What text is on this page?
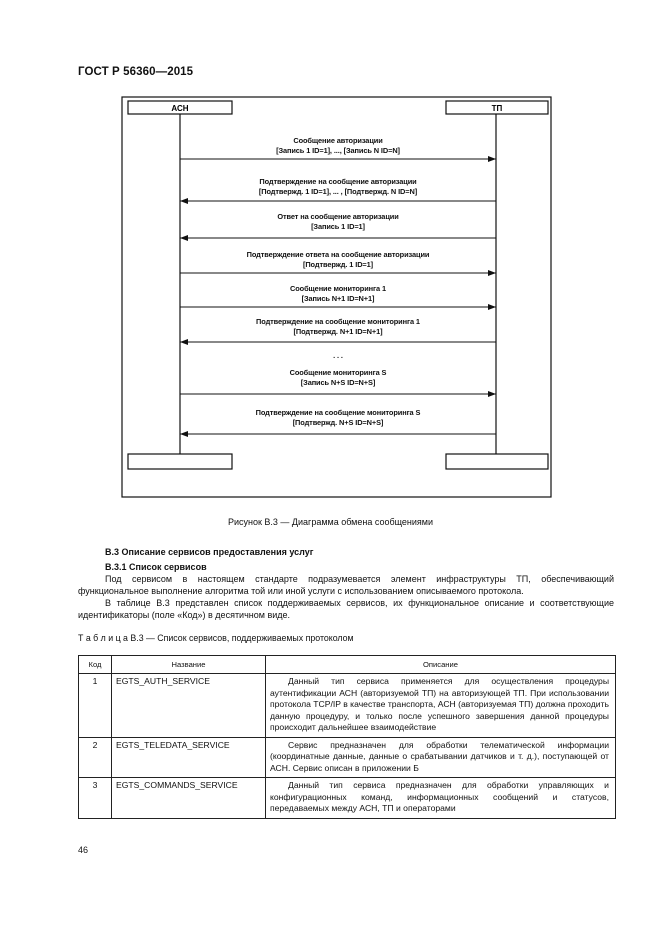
ГОСТ Р 56360—2015
АСН	ТП
Сообщение авторизации
[Запись 1 ID=1], ..., [Запись N ID=N]
Подтверждение на сообщение авторизации
[Подтвержд. 1 ID=1], ... , [Подтвержд. N ID=N]
Ответ на сообщение авторизации
[Запись 1 ID=1]
Подтверждение ответа на сообщение авторизации
[Подтвержд. 1 ID=1]
Сообщение мониторинга 1
[Запись N+1 ID=N+1]
Подтверждение на сообщение мониторинга 1
[Подтвержд. N+1 ID=N+1]
. . .
Сообщение мониторинга S
[Запись N+S ID=N+S]
Подтверждение на сообщение мониторинга S
[Подтвержд. N+S ID=N+S]
Рисунок В.3 — Диаграмма обмена сообщениями
В.3 Описание сервисов предоставления услуг
В.3.1 Список сервисов
Под сервисом в настоящем стандарте подразумевается элемент инфраструктуры ТП, обеспечивающий функциональное выполнение алгоритма той или иной услуги с использованием описываемого протокола.
В таблице В.3 представлен список поддерживаемых сервисов, их функциональное описание и соответствующие идентификаторы (поле «Код») в десятичном виде.
Т а б л и ц а В.3 — Список сервисов, поддерживаемых протоколом
Код	Название	Описание
1	EGTS_AUTH_SERVICE	Данный тип сервиса применяется для осуществления процедуры аутентификации АСН (авторизуемой ТП) на авторизующей ТП. При использовании протокола TCP/IP в качестве транспорта, АСН (авторизуемая ТП) должна проходить данную процедуру, и только после успешного завершения данной процедуры происходит дальнейшее взаимодействие
2	EGTS_TELEDATA_SERVICE	Сервис предназначен для обработки телематической информации (координатные данные, данные о срабатывании датчиков и т. д.), поступающей от АСН. Сервис описан в приложении Б
3	EGTS_COMMANDS_SERVICE	Данный тип сервиса предназначен для обработки управляющих и конфигурационных команд, информационных сообщений и статусов, передаваемых между АСН, ТП и операторами
46
